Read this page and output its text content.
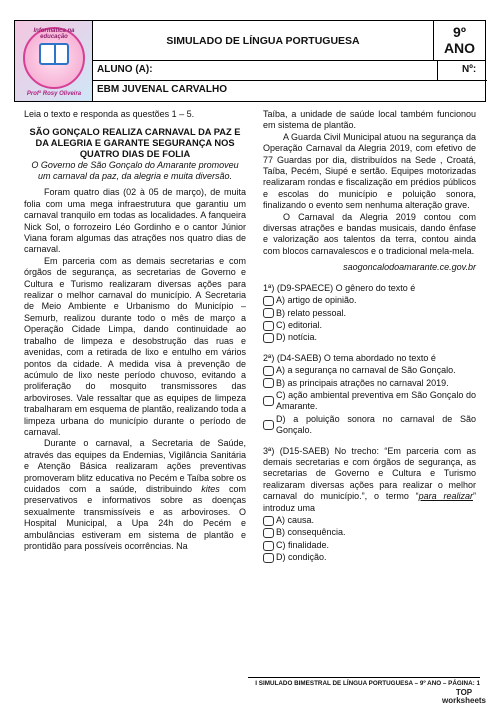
Informática na educação
Profª Rosy Oliveira
SIMULADO DE LÍNGUA PORTUGUESA
9º
ANO
ALUNO (A):	Nº:
EBM JUVENAL CARVALHO
Leia o texto e responda as questões 1 – 5.
SÃO GONÇALO REALIZA CARNAVAL DA PAZ E DA ALEGRIA E GARANTE SEGURANÇA NOS QUATRO DIAS DE FOLIA
O Governo de São Gonçalo do Amarante promoveu um carnaval da paz, da alegria e muita diversão.
Foram quatro dias (02 à 05 de março), de muita folia com uma mega infraestrutura que garantiu um carnaval tranquilo em todas as localidades. A fanqueira Nick Sol, o forrozeiro Léo Gordinho e o cantor Júnior Viana foram algumas das atrações nos quatro dias de carnaval.
Em parceria com as demais secretarias e com órgãos de segurança, as secretarias de Governo e Cultura e Turismo realizaram diversas ações para realizar o melhor carnaval do município. A Secretaria de Meio Ambiente e Urbanismo do Município – Semurb, realizou durante todo o mês de março a Operação Cidade Limpa, dando continuidade ao trabalho de limpeza e desobstrução das ruas e avenidas, com a retirada de lixo e entulho em vários pontos da cidade. A medida visa à prevenção de acúmulo de lixo neste período chuvoso, evitando a proliferação do mosquito transmissores das arboviroses. Vale ressaltar que as equipes de limpeza trabalharam em esquema de plantão, realizando toda a limpeza urbana do município durante o período de carnaval.
Durante o carnaval, a Secretaria de Saúde, através das equipes da Endemias, Vigilância Sanitária e Atenção Básica realizaram ações preventivas promoveram blitz educativa no Pecém e Taíba sobre os cuidados com a saúde, distribuindo kites com preservativos e informativos sobre as doenças sexualmente transmissíveis e as arboviroses. O Hospital Municipal, a Upa 24h do Pecém e ambulâncias estiveram em sistema de plantão e prontidão para possíveis ocorrências. Na
Taíba, a unidade de saúde local também funcionou em sistema de plantão.
A Guarda Civil Municipal atuou na segurança da Operação Carnaval da Alegria 2019, com efetivo de 77 Guardas por dia, distribuídos na Sede , Croatá, Taíba, Pecém, Siupé e sertão. Equipes motorizadas realizaram rondas e fiscalização em prédios públicos e escolas do município e poluição sonora, finalizando o evento sem nenhuma alteração grave.
O Carnaval da Alegria 2019 contou com diversas atrações e bandas musicais, dando ênfase e valorização aos talentos da terra, contou ainda com blocos carnavalescos e o tradicional mela-mela.
saogoncalodoamarante.ce.gov.br
1ª) (D9-SPAECE) O gênero do texto é
A) artigo de opinião.
B) relato pessoal.
C) editorial.
D) notícia.
2ª) (D4-SAEB) O tema abordado no texto é
A) a segurança no carnaval de São Gonçalo.
B) as principais atrações no carnaval 2019.
C) ação ambiental preventiva em São Gonçalo do Amarante.
D) a poluição sonora no carnaval de São Gonçalo.
3ª) (D15-SAEB) No trecho: “Em parceria com as demais secretarias e com órgãos de segurança, as secretarias de Governo e Cultura e Turismo realizaram diversas ações para realizar o melhor carnaval do município.”, o termo “para realizar” introduz uma
A) causa.
B) consequência.
C) finalidade.
D) condição.
I SIMULADO BIMESTRAL DE LÍNGUA PORTUGUESA – 9º ANO – PÁGINA: 1
TOP
worksheets
